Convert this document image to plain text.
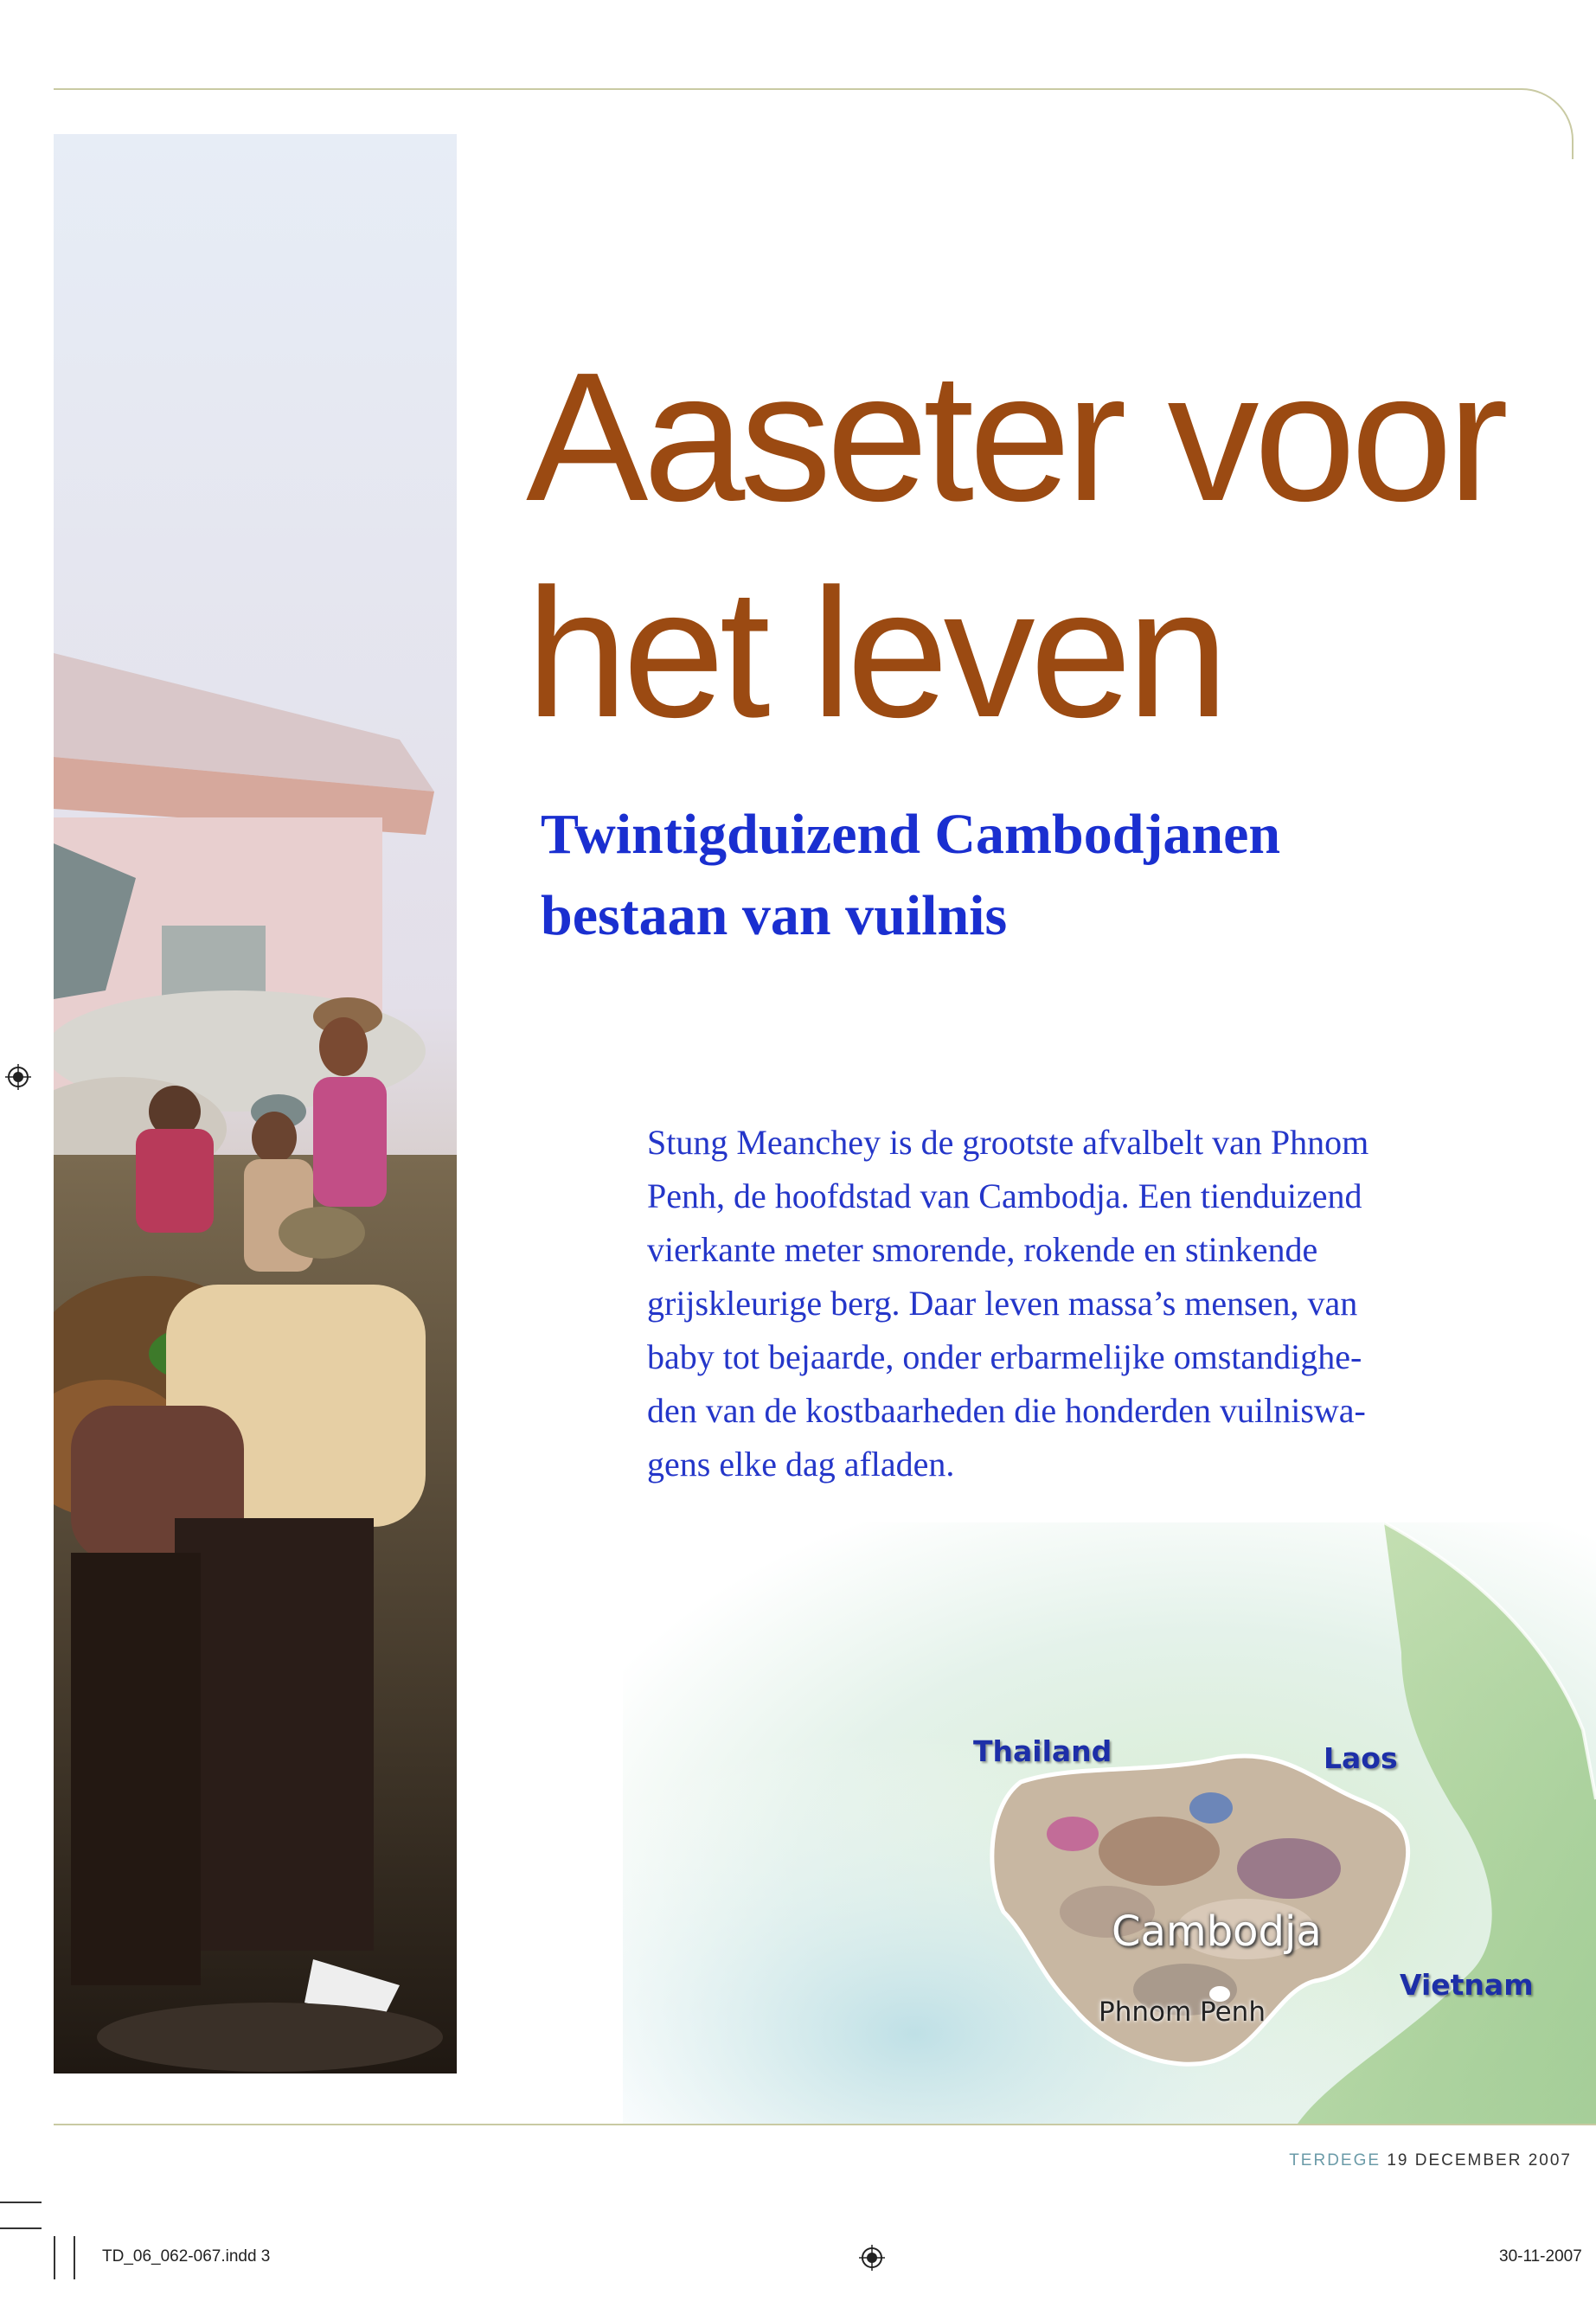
Aaseter voor
het leven
Twintigduizend Cambodjanen
bestaan van vuilnis

Stung Meanchey is de grootste afvalbelt van Phnom
Penh, de hoofdstad van Cambodja. Een tienduizend
vierkante meter smorende, rokende en stinkende
grijskleurige berg. Daar leven massa’s mensen, van
baby tot bejaarde, onder erbarmelijke omstandighe-
den van de kostbaarheden die honderden vuilniswa-
gens elke dag afladen.

Thailand	Laos
Cambodja
Vietnam
Phnom Penh

TERDEGE 19 DECEMBER 2007

TD_06_062-067.indd 3	30-11-2007
